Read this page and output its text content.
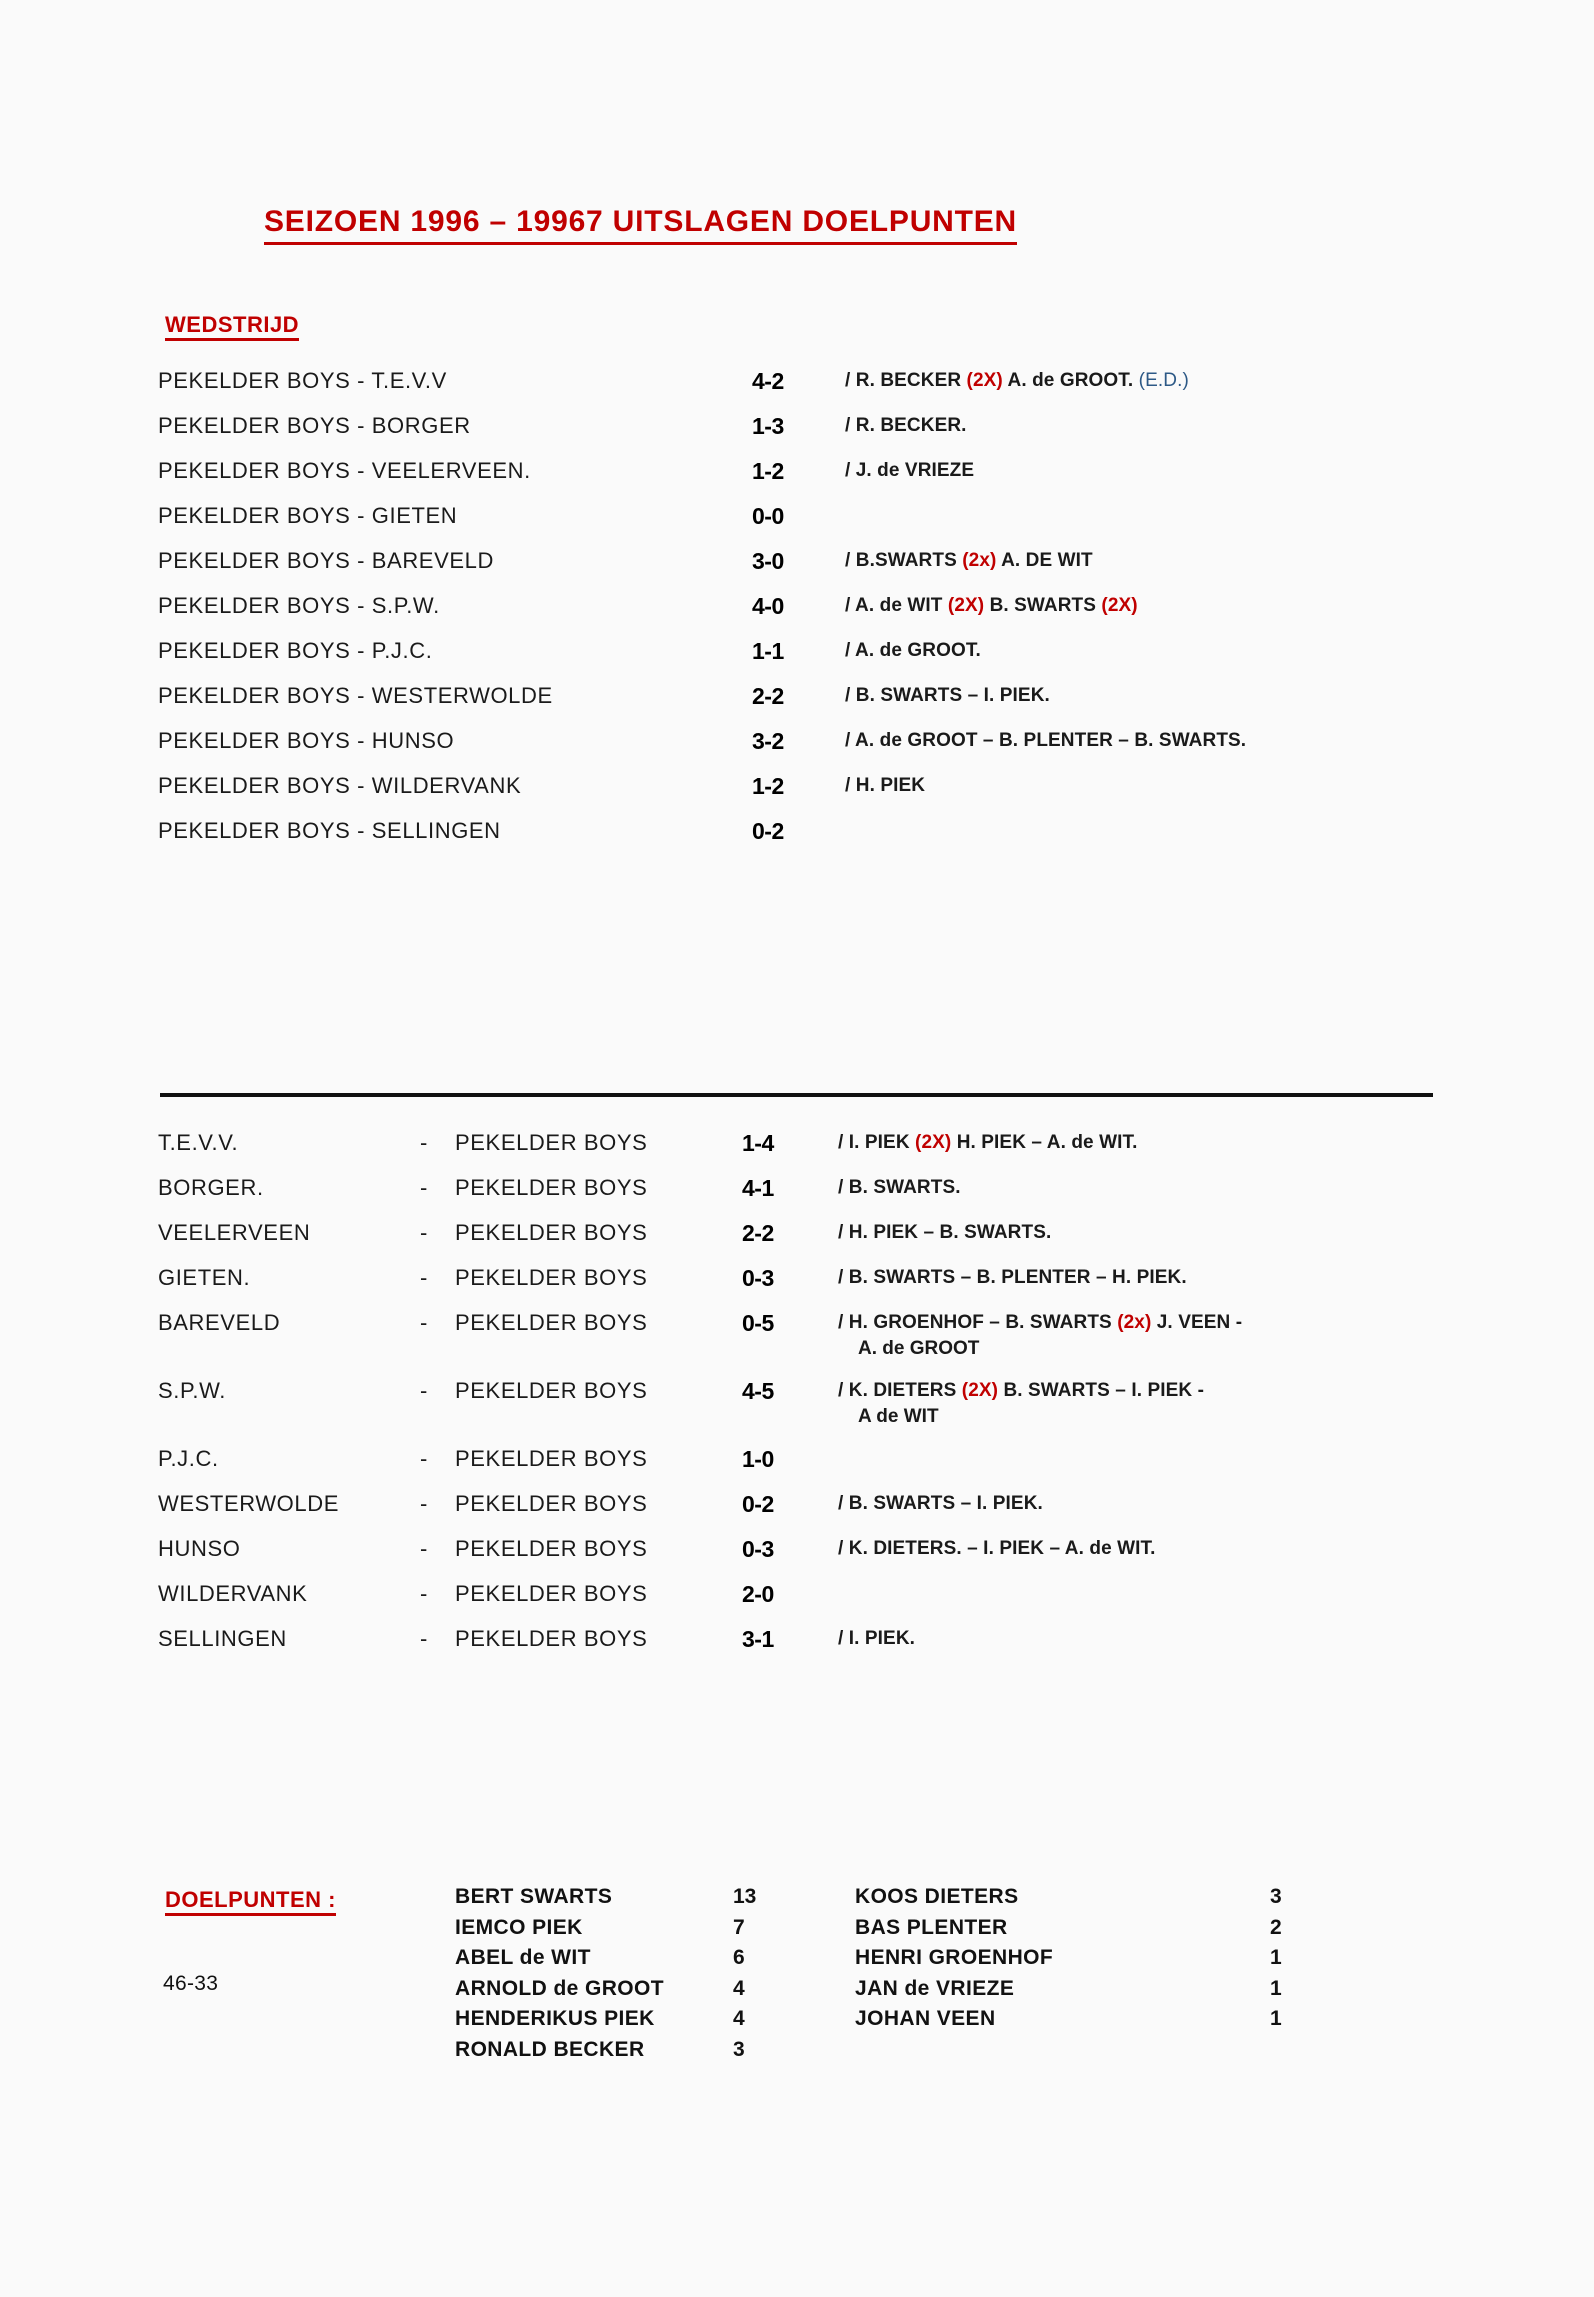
SEIZOEN 1996 – 19967 UITSLAGEN DOELPUNTEN
WEDSTRIJD
PEKELDER BOYS - T.E.V.V	4-2	/ R. BECKER (2X) A. de GROOT. (E.D.)
PEKELDER BOYS - BORGER	1-3	/ R. BECKER.
PEKELDER BOYS - VEELERVEEN.	1-2	/ J. de VRIEZE
PEKELDER BOYS - GIETEN	0-0
PEKELDER BOYS - BAREVELD	3-0	/ B.SWARTS (2x) A. DE WIT
PEKELDER BOYS - S.P.W.	4-0	/ A. de WIT (2X) B. SWARTS (2X)
PEKELDER BOYS - P.J.C.	1-1	/ A. de GROOT.
PEKELDER BOYS - WESTERWOLDE	2-2	/ B. SWARTS – I. PIEK.
PEKELDER BOYS - HUNSO	3-2	/ A. de GROOT – B. PLENTER – B. SWARTS.
PEKELDER BOYS - WILDERVANK	1-2	/ H. PIEK
PEKELDER BOYS - SELLINGEN	0-2
T.E.V.V.	- PEKELDER BOYS	1-4	/ I. PIEK (2X) H. PIEK – A. de WIT.
BORGER.	- PEKELDER BOYS	4-1	/ B. SWARTS.
VEELERVEEN	- PEKELDER BOYS	2-2	/ H. PIEK – B. SWARTS.
GIETEN.	- PEKELDER BOYS	0-3	/ B. SWARTS – B. PLENTER – H. PIEK.
BAREVELD	- PEKELDER BOYS	0-5	/ H. GROENHOF – B. SWARTS (2x) J. VEEN -
A. de GROOT
S.P.W.	- PEKELDER BOYS	4-5	/ K. DIETERS (2X) B. SWARTS – I. PIEK -
A de WIT
P.J.C.	- PEKELDER BOYS	1-0
WESTERWOLDE	- PEKELDER BOYS	0-2	/ B. SWARTS – I. PIEK.
HUNSO	- PEKELDER BOYS	0-3	/ K. DIETERS. – I. PIEK – A. de WIT.
WILDERVANK	- PEKELDER BOYS	2-0
SELLINGEN	- PEKELDER BOYS	3-1	/ I. PIEK.
DOELPUNTEN :
46-33
BERT SWARTS	13
IEMCO PIEK	7
ABEL de WIT	6
ARNOLD de GROOT	4
HENDERIKUS PIEK	4
RONALD BECKER	3
KOOS DIETERS	3
BAS PLENTER	2
HENRI GROENHOF	1
JAN de VRIEZE	1
JOHAN VEEN	1
